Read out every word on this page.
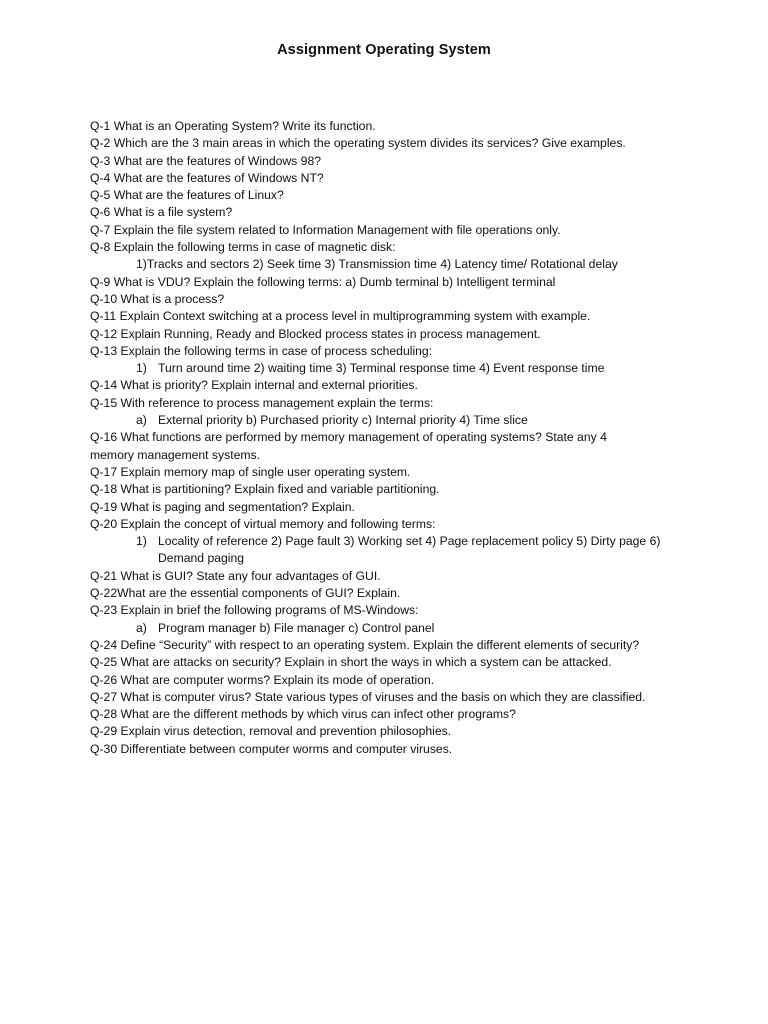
Assignment Operating System
Q-1 What is an Operating System? Write its function.
Q-2 Which are the 3 main areas in which the operating system divides its services? Give examples.
Q-3 What are the features of Windows 98?
Q-4 What are the features of Windows NT?
Q-5 What are the features of Linux?
Q-6 What is a file system?
Q-7 Explain the file system related to Information Management with file operations only.
Q-8 Explain the following terms in case of magnetic disk:
1)Tracks and sectors 2) Seek time 3) Transmission time 4) Latency time/ Rotational delay
Q-9 What is VDU? Explain the following terms: a) Dumb terminal b) Intelligent terminal
Q-10 What is a process?
Q-11 Explain Context switching at a process level in multiprogramming system with example.
Q-12 Explain Running, Ready and Blocked process states in process management.
Q-13 Explain the following terms in case of process scheduling:
1) Turn around time 2) waiting time 3) Terminal response time 4) Event response time
Q-14 What is priority? Explain internal and external priorities.
Q-15 With reference to process management explain the terms:
a) External priority b) Purchased priority c) Internal priority 4) Time slice
Q-16 What functions are performed by memory management of operating systems? State any 4
memory management systems.
Q-17 Explain memory map of single user operating system.
Q-18 What is partitioning? Explain fixed and variable partitioning.
Q-19 What is paging and segmentation? Explain.
Q-20 Explain the concept of virtual memory and following terms:
1) Locality of reference 2) Page fault 3) Working set 4) Page replacement policy 5) Dirty page 6)
Demand paging
Q-21 What is GUI? State any four advantages of GUI.
Q-22What are the essential components of GUI? Explain.
Q-23 Explain in brief the following programs of MS-Windows:
a) Program manager b) File manager c) Control panel
Q-24 Define “Security” with respect to an operating system. Explain the different elements of security?
Q-25 What are attacks on security? Explain in short the ways in which a system can be attacked.
Q-26 What are computer worms? Explain its mode of operation.
Q-27 What is computer virus? State various types of viruses and the basis on which they are classified.
Q-28 What are the different methods by which virus can infect other programs?
Q-29 Explain virus detection, removal and prevention philosophies.
Q-30 Differentiate between computer worms and computer viruses.
